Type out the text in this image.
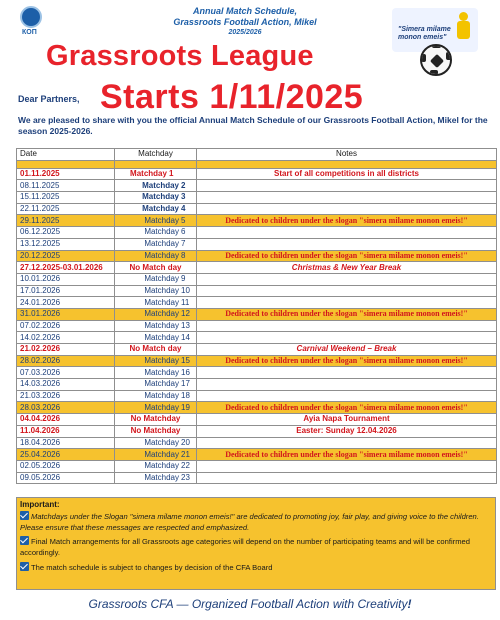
КОП
Annual Match Schedule,
Grassroots Football Action, Mikel
2025/2026	"Simera milame
monon emeis"
Grassroots League
Dear Partners, Starts 1/11/2025
We are pleased to share with you the official Annual Match Schedule of our Grassroots Football Action, Mikel for the season 2025-2026.
Date	Matchday	Notes

01.11.2025	Matchday 1	Start of all competitions in all districts
08.11.2025	Matchday 2	
15.11.2025	Matchday 3	
22.11.2025	Matchday 4	
29.11.2025	Matchday 5	Dedicated to children under the slogan "simera milame monon emeis!"
06.12.2025	Matchday 6	
13.12.2025	Matchday 7	
20.12.2025	Matchday 8	Dedicated to children under the slogan "simera milame monon emeis!"
27.12.2025-03.01.2026	No Match day	Christmas & New Year Break
10.01.2026	Matchday 9	
17.01.2026	Matchday 10	
24.01.2026	Matchday 11	
31.01.2026	Matchday 12	Dedicated to children under the slogan "simera milame monon emeis!"
07.02.2026	Matchday 13	
14.02.2026	Matchday 14	
21.02.2026	No Match day	Carnival Weekend – Break
28.02.2026	Matchday 15	Dedicated to children under the slogan "simera milame monon emeis!"
07.03.2026	Matchday 16	
14.03.2026	Matchday 17	
21.03.2026	Matchday 18	
28.03.2026	Matchday 19	Dedicated to children under the slogan "simera milame monon emeis!"
04.04.2026	No Matchday	Ayia Napa Tournament
11.04.2026	No Matchday	Easter: Sunday 12.04.2026
18.04.2026	Matchday 20	
25.04.2026	Matchday 21	Dedicated to children under the slogan "simera milame monon emeis!"
02.05.2026	Matchday 22	
09.05.2026	Matchday 23	
Important:
Matchdays under the Slogan "simera milame monon emeis!" are dedicated to promoting joy, fair play, and giving voice to the children. Please ensure that these messages are respected and emphasized.
Final Match arrangements for all Grassroots age categories will depend on the number of participating teams and will be confirmed accordingly.
The match schedule is subject to changes by decision of the CFA Board
Grassroots CFA — Organized Football Action with Creativity!
